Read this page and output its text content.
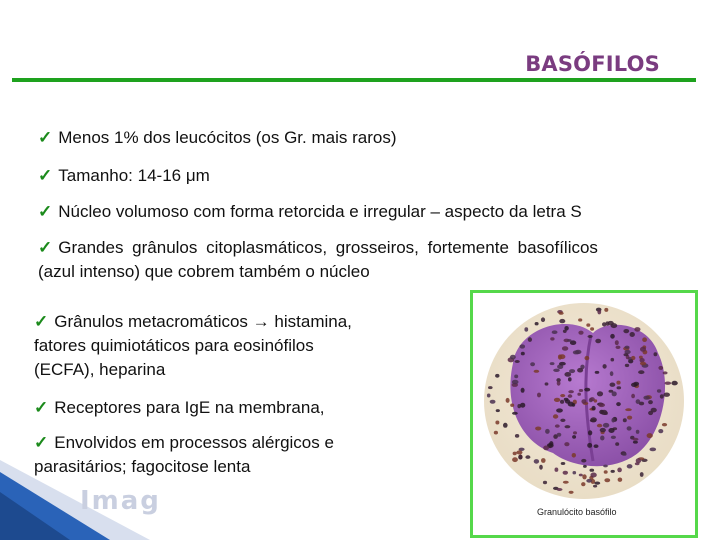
BASÓFILOS
✓ Menos 1% dos leucócitos (os Gr. mais raros)
✓ Tamanho: 14-16 μm
✓ Núcleo volumoso com forma retorcida e irregular – aspecto da letra S
✓ Grandes grânulos citoplasmáticos, grosseiros, fortemente basofílicos
(azul intenso) que cobrem também o núcleo
✓ Grânulos metacromáticos → histamina,
fatores quimiotáticos para eosinófilos
(ECFA), heparina
✓ Receptores para IgE na membrana,
✓ Envolvidos em processos alérgicos e
parasitários; fagocitose lenta
Imag	Granulócito basófilo
